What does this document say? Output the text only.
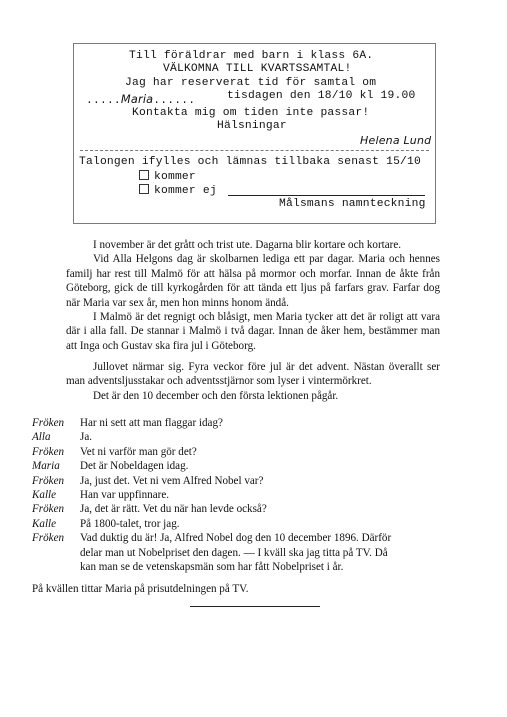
Till föräldrar med barn i klass 6A.
VÄLKOMNA TILL KVARTSSAMTAL!
Jag har reserverat tid för samtal om
.....Maria......	tisdagen den 18/10 kl 19.00
Kontakta mig om tiden inte passar!
Hälsningar
Helena Lund
Talongen ifylles och lämnas tillbaka senast 15/10
kommer
kommer ej
Målsmans namnteckning

I november är det grått och trist ute. Dagarna blir kortare och kortare.

Vid Alla Helgons dag är skolbarnen lediga ett par dagar. Maria och hennes familj har rest till Malmö för att hälsa på mormor och morfar. Innan de åkte från Göteborg, gick de till kyrkogården för att tända ett ljus på farfars grav. Farfar dog när Maria var sex år, men hon minns honom ändå.

I Malmö är det regnigt och blåsigt, men Maria tycker att det är roligt att vara där i alla fall. De stannar i Malmö i två dagar. Innan de åker hem, bestämmer man att Inga och Gustav ska fira jul i Göteborg.

Jullovet närmar sig. Fyra veckor före jul är det advent. Nästan överallt ser man adventsljusstakar och adventsstjärnor som lyser i vintermörkret.

Det är den 10 december och den första lektionen pågår.

Fröken	Har ni sett att man flaggar idag?
Alla	Ja.
Fröken	Vet ni varför man gör det?
Maria	Det är Nobeldagen idag.
Fröken	Ja, just det. Vet ni vem Alfred Nobel var?
Kalle	Han var uppfinnare.
Fröken	Ja, det är rätt. Vet du när han levde också?
Kalle	På 1800-talet, tror jag.
Fröken	Vad duktig du är! Ja, Alfred Nobel dog den 10 december 1896. Därför delar man ut Nobelpriset den dagen. — I kväll ska jag titta på TV. Då kan man se de vetenskapsmän som har fått Nobelpriset i år.
På kvällen tittar Maria på prisutdelningen på TV.
